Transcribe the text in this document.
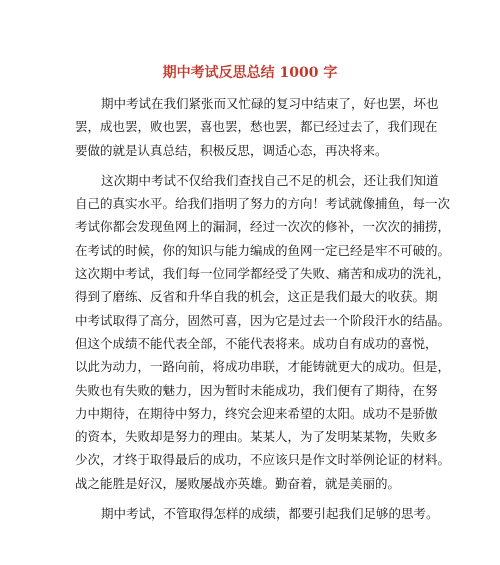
期中考试反思总结 1000 字
期中考试在我们紧张而又忙碌的复习中结束了，好也罢，坏也
罢，成也罢，败也罢，喜也罢，愁也罢，都已经过去了，我们现在
要做的就是认真总结，积极反思，调适心态，再决将来。
这次期中考试不仅给我们查找自己不足的机会，还让我们知道
自己的真实水平。给我们指明了努力的方向！考试就像捕鱼，每一次
考试你都会发现鱼网上的漏洞，经过一次次的修补，一次次的捕捞，
在考试的时候，你的知识与能力编成的鱼网一定已经是牢不可破的。
这次期中考试，我们每一位同学都经受了失败、痛苦和成功的洗礼，
得到了磨练、反省和升华自我的机会，这正是我们最大的收获。期
中考试取得了高分，固然可喜，因为它是过去一个阶段汗水的结晶。
但这个成绩不能代表全部，不能代表将来。成功自有成功的喜悦，
以此为动力，一路向前，将成功串联，才能铸就更大的成功。但是，
失败也有失败的魅力，因为暂时未能成功，我们便有了期待，在努
力中期待，在期待中努力，终究会迎来希望的太阳。成功不是骄傲
的资本，失败却是努力的理由。某某人，为了发明某某物，失败多
少次，才终于取得最后的成功，不应该只是作文时举例论证的材料。
战之能胜是好汉，屡败屡战亦英雄。勤奋着，就是美丽的。
期中考试，不管取得怎样的成绩，都要引起我们足够的思考。
